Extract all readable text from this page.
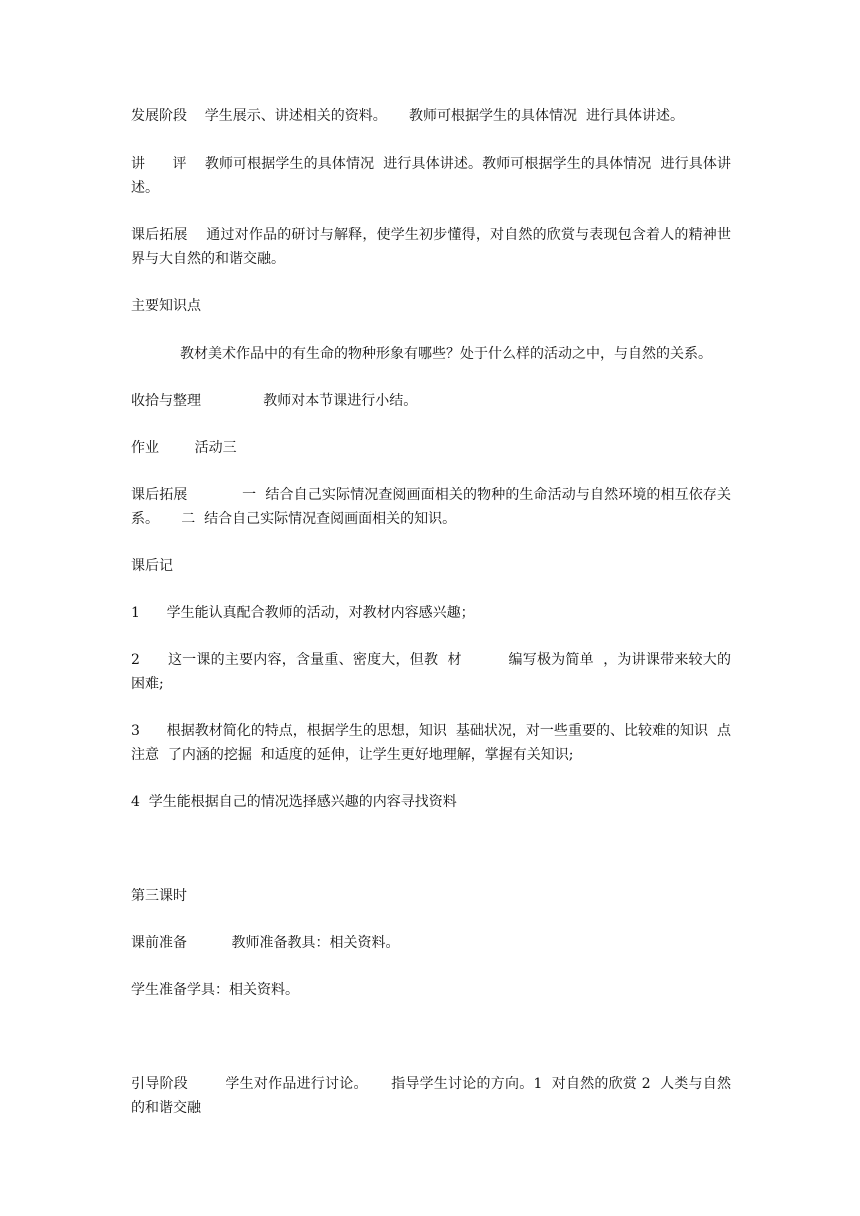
发展阶段    学生展示、讲述相关的资料。     教师可根据学生的具体情况  进行具体讲述。

讲      评    教师可根据学生的具体情况  进行具体讲述。教师可根据学生的具体情况  进行具体讲述。

课后拓展    通过对作品的研讨与解释，使学生初步懂得，对自然的欣赏与表现包含着人的精神世界与大自然的和谐交融。

主要知识点

教材美术作品中的有生命的物种形象有哪些？处于什么样的活动之中，与自然的关系。

收拾与整理              教师对本节课进行小结。

作业        活动三

课后拓展            一  结合自己实际情况查阅画面相关的物种的生命活动与自然环境的相互依存关系。     二  结合自己实际情况查阅画面相关的知识。

课后记

1      学生能认真配合教师的活动，对教材内容感兴趣；

2      这一课的主要内容，含量重、密度大，但教  材          编写极为简单  ，为讲课带来较大的困难;

3      根据教材简化的特点，根据学生的思想，知识  基础状况，对一些重要的、比较难的知识  点注意  了内涵的挖掘  和适度的延伸，让学生更好地理解，掌握有关知识;

4  学生能根据自己的情况选择感兴趣的内容寻找资料

第三课时

课前准备          教师准备教具：相关资料。

学生准备学具：相关资料。

引导阶段        学生对作品进行讨论。     指导学生讨论的方向。1  对自然的欣赏 2  人类与自然的和谐交融
